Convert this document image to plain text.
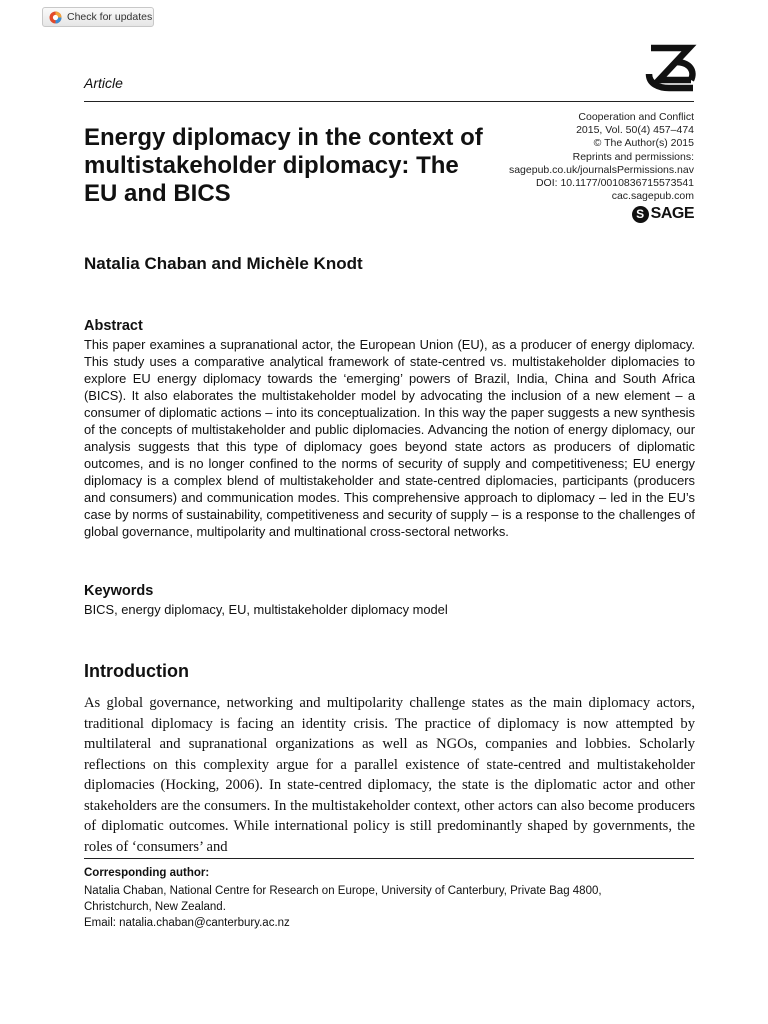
Check for updates
Article
Energy diplomacy in the context of multistakeholder diplomacy: The EU and BICS
Cooperation and Conflict
2015, Vol. 50(4) 457–474
© The Author(s) 2015
Reprints and permissions:
sagepub.co.uk/journalsPermissions.nav
DOI: 10.1177/0010836715573541
cac.sagepub.com
S SAGE
Natalia Chaban and Michèle Knodt
Abstract

This paper examines a supranational actor, the European Union (EU), as a producer of energy diplomacy. This study uses a comparative analytical framework of state-centred vs. multistakeholder diplomacies to explore EU energy diplomacy towards the ‘emerging’ powers of Brazil, India, China and South Africa (BICS). It also elaborates the multistakeholder model by advocating the inclusion of a new element – a consumer of diplomatic actions – into its conceptualization. In this way the paper suggests a new synthesis of the concepts of multistakeholder and public diplomacies. Advancing the notion of energy diplomacy, our analysis suggests that this type of diplomacy goes beyond state actors as producers of diplomatic outcomes, and is no longer confined to the norms of security of supply and competitiveness; EU energy diplomacy is a complex blend of multistakeholder and state-centred diplomacies, participants (producers and consumers) and communication modes. This comprehensive approach to diplomacy – led in the EU’s case by norms of sustainability, competitiveness and security of supply – is a response to the challenges of global governance, multipolarity and multinational cross-sectoral networks.

Keywords

BICS, energy diplomacy, EU, multistakeholder diplomacy model

Introduction

As global governance, networking and multipolarity challenge states as the main diplomacy actors, traditional diplomacy is facing an identity crisis. The practice of diplomacy is now attempted by multilateral and supranational organizations as well as NGOs, companies and lobbies. Scholarly reflections on this complexity argue for a parallel existence of state-centred and multistakeholder diplomacies (Hocking, 2006). In state-centred diplomacy, the state is the diplomatic actor and other stakeholders are the consumers. In the multistakeholder context, other actors can also become producers of diplomatic outcomes. While international policy is still predominantly shaped by governments, the roles of ‘consumers’ and

Corresponding author:
Natalia Chaban, National Centre for Research on Europe, University of Canterbury, Private Bag 4800,
Christchurch, New Zealand.
Email: natalia.chaban@canterbury.ac.nz
